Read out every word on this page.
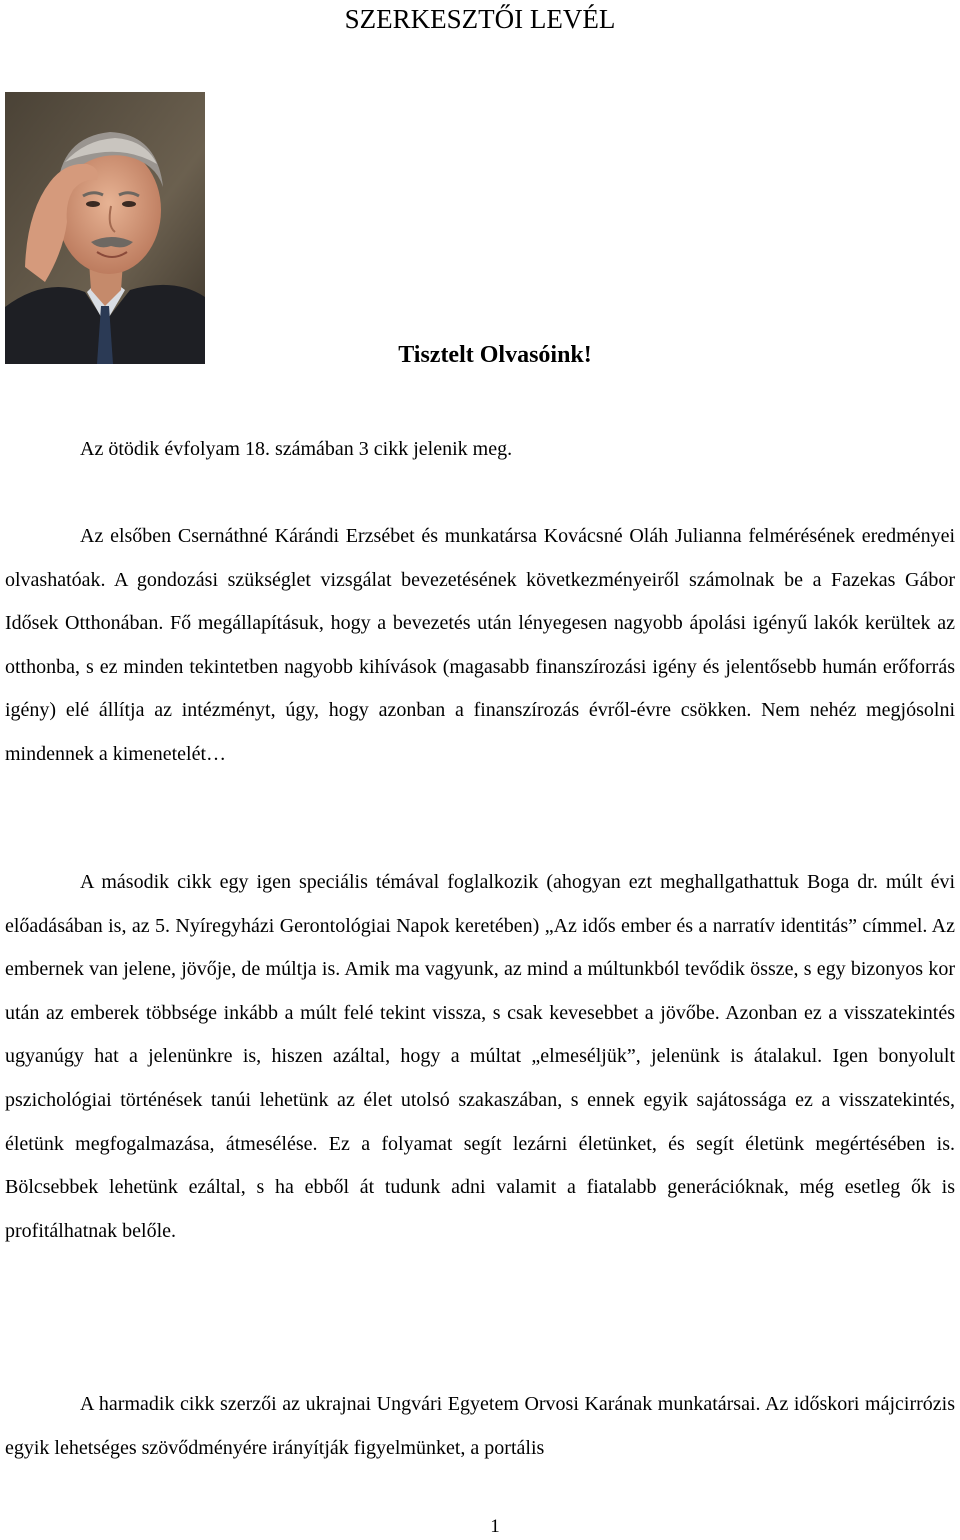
SZERKESZTŐI LEVÉL
Tisztelt Olvasóink!

Az ötödik évfolyam 18. számában 3 cikk jelenik meg.

Az elsőben Csernáthné Kárándi Erzsébet és munkatársa Kovácsné Oláh Julianna felmérésének eredményei olvashatóak. A gondozási szükséglet vizsgálat bevezetésének következményeiről számolnak be a Fazekas Gábor Idősek Otthonában. Fő megállapításuk, hogy a bevezetés után lényegesen nagyobb ápolási igényű lakók kerültek az otthonba, s ez minden tekintetben nagyobb kihívások (magasabb finanszírozási igény és jelentősebb humán erőforrás igény) elé állítja az intézményt, úgy, hogy azonban a finanszírozás évről-évre csökken. Nem nehéz megjósolni mindennek a kimenetelét…

A második cikk egy igen speciális témával foglalkozik (ahogyan ezt meghallgathattuk Boga dr. múlt évi előadásában is, az 5. Nyíregyházi Gerontológiai Napok keretében) „Az idős ember és a narratív identitás” címmel. Az embernek van jelene, jövője, de múltja is. Amik ma vagyunk, az mind a múltunkból tevődik össze, s egy bizonyos kor után az emberek többsége inkább a múlt felé tekint vissza, s csak kevesebbet a jövőbe. Azonban ez a visszatekintés ugyanúgy hat a jelenünkre is, hiszen azáltal, hogy a múltat „elmeséljük”, jelenünk is átalakul. Igen bonyolult pszichológiai történések tanúi lehetünk az élet utolsó szakaszában, s ennek egyik sajátossága ez a visszatekintés, életünk megfogalmazása, átmesélése. Ez a folyamat segít lezárni életünket, és segít életünk megértésében is. Bölcsebbek lehetünk ezáltal, s ha ebből át tudunk adni valamit a fiatalabb generációknak, még esetleg ők is profitálhatnak belőle.

A harmadik cikk szerzői az ukrajnai Ungvári Egyetem Orvosi Karának munkatársai. Az időskori májcirrózis egyik lehetséges szövődményére irányítják figyelmünket, a portális

1
